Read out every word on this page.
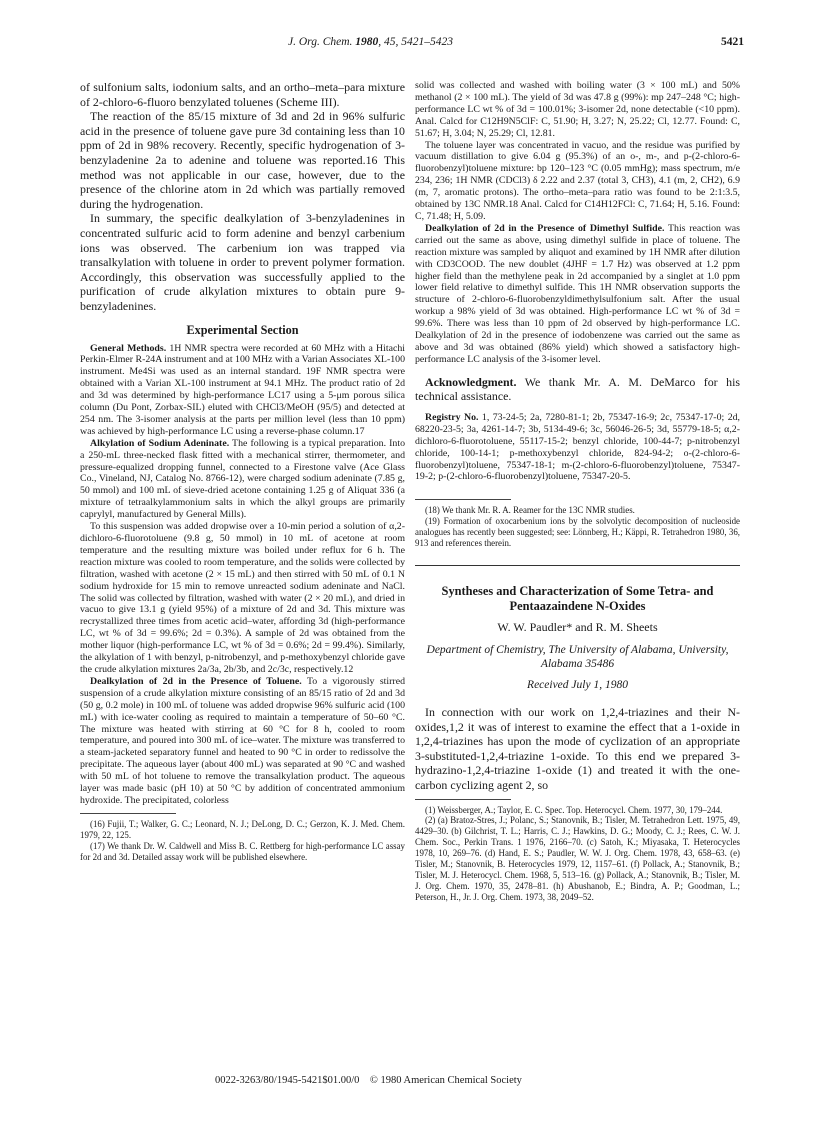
J. Org. Chem. 1980, 45, 5421–5423	5421

of sulfonium salts, iodonium salts, and an ortho–meta–para mixture of 2-chloro-6-fluoro benzylated toluenes (Scheme III).

The reaction of the 85/15 mixture of 3d and 2d in 96% sulfuric acid in the presence of toluene gave pure 3d containing less than 10 ppm of 2d in 98% recovery. Recently, specific hydrogenation of 3-benzyladenine 2a to adenine and toluene was reported.16 This method was not applicable in our case, however, due to the presence of the chlorine atom in 2d which was partially removed during the hydrogenation.

In summary, the specific dealkylation of 3-benzyladenines in concentrated sulfuric acid to form adenine and benzyl carbenium ions was observed. The carbenium ion was trapped via transalkylation with toluene in order to prevent polymer formation. Accordingly, this observation was successfully applied to the purification of crude alkylation mixtures to obtain pure 9-benzyladenines.

Experimental Section

General Methods. 1H NMR spectra were recorded at 60 MHz with a Hitachi Perkin-Elmer R-24A instrument and at 100 MHz with a Varian Associates XL-100 instrument. Me4Si was used as an internal standard. 19F NMR spectra were obtained with a Varian XL-100 instrument at 94.1 MHz. The product ratio of 2d and 3d was determined by high-performance LC17 using a 5-μm porous silica column (Du Pont, Zorbax-SIL) eluted with CHCl3/MeOH (95/5) and detected at 254 nm. The 3-isomer analysis at the parts per million level (less than 10 ppm) was achieved by high-performance LC using a reverse-phase column.17

Alkylation of Sodium Adeninate. The following is a typical preparation. Into a 250-mL three-necked flask fitted with a mechanical stirrer, thermometer, and pressure-equalized dropping funnel, connected to a Firestone valve (Ace Glass Co., Vineland, NJ, Catalog No. 8766-12), were charged sodium adeninate (7.85 g, 50 mmol) and 100 mL of sieve-dried acetone containing 1.25 g of Aliquat 336 (a mixture of tetraalkylammonium salts in which the alkyl groups are primarily caprylyl, manufactured by General Mills).

To this suspension was added dropwise over a 10-min period a solution of α,2-dichloro-6-fluorotoluene (9.8 g, 50 mmol) in 10 mL of acetone at room temperature and the resulting mixture was boiled under reflux for 6 h. The reaction mixture was cooled to room temperature, and the solids were collected by filtration, washed with acetone (2 × 15 mL) and then stirred with 50 mL of 0.1 N sodium hydroxide for 15 min to remove unreacted sodium adeninate and NaCl. The solid was collected by filtration, washed with water (2 × 20 mL), and dried in vacuo to give 13.1 g (yield 95%) of a mixture of 2d and 3d. This mixture was recrystallized three times from acetic acid–water, affording 3d (high-performance LC, wt % of 3d = 99.6%; 2d = 0.3%). A sample of 2d was obtained from the mother liquor (high-performance LC, wt % of 3d = 0.6%; 2d = 99.4%). Similarly, the alkylation of 1 with benzyl, p-nitrobenzyl, and p-methoxybenzyl chloride gave the crude alkylation mixtures 2a/3a, 2b/3b, and 2c/3c, respectively.12

Dealkylation of 2d in the Presence of Toluene. To a vigorously stirred suspension of a crude alkylation mixture consisting of an 85/15 ratio of 2d and 3d (50 g, 0.2 mole) in 100 mL of toluene was added dropwise 96% sulfuric acid (100 mL) with ice-water cooling as required to maintain a temperature of 50–60 °C. The mixture was heated with stirring at 60 °C for 8 h, cooled to room temperature, and poured into 300 mL of ice–water. The mixture was transferred to a steam-jacketed separatory funnel and heated to 90 °C in order to redissolve the precipitate. The aqueous layer (about 400 mL) was separated at 90 °C and washed with 50 mL of hot toluene to remove the transalkylation product. The aqueous layer was made basic (pH 10) at 50 °C by addition of concentrated ammonium hydroxide. The precipitated, colorless

(16) Fujii, T.; Walker, G. C.; Leonard, N. J.; DeLong, D. C.; Gerzon, K. J. Med. Chem. 1979, 22, 125.

(17) We thank Dr. W. Caldwell and Miss B. C. Rettberg for high-performance LC assay for 2d and 3d. Detailed assay work will be published elsewhere.

solid was collected and washed with boiling water (3 × 100 mL) and 50% methanol (2 × 100 mL). The yield of 3d was 47.8 g (99%): mp 247–248 °C; high-performance LC wt % of 3d = 100.01%; 3-isomer 2d, none detectable (<10 ppm). Anal. Calcd for C12H9N5ClF: C, 51.90; H, 3.27; N, 25.22; Cl, 12.77. Found: C, 51.67; H, 3.04; N, 25.29; Cl, 12.81.

The toluene layer was concentrated in vacuo, and the residue was purified by vacuum distillation to give 6.04 g (95.3%) of an o-, m-, and p-(2-chloro-6-fluorobenzyl)toluene mixture: bp 120–123 °C (0.05 mmHg); mass spectrum, m/e 234, 236; 1H NMR (CDCl3) δ 2.22 and 2.37 (total 3, CH3), 4.1 (m, 2, CH2), 6.9 (m, 7, aromatic protons). The ortho–meta–para ratio was found to be 2:1:3.5, obtained by 13C NMR.18 Anal. Calcd for C14H12FCl: C, 71.64; H, 5.16. Found: C, 71.48; H, 5.09.

Dealkylation of 2d in the Presence of Dimethyl Sulfide. This reaction was carried out the same as above, using dimethyl sulfide in place of toluene. The reaction mixture was sampled by aliquot and examined by 1H NMR after dilution with CD3COOD. The new doublet (4JHF = 1.7 Hz) was observed at 1.2 ppm higher field than the methylene peak in 2d accompanied by a singlet at 1.0 ppm lower field relative to dimethyl sulfide. This 1H NMR observation supports the structure of 2-chloro-6-fluorobenzyldimethylsulfonium salt. After the usual workup a 98% yield of 3d was obtained. High-performance LC wt % of 3d = 99.6%. There was less than 10 ppm of 2d observed by high-performance LC. Dealkylation of 2d in the presence of iodobenzene was carried out the same as above and 3d was obtained (86% yield) which showed a satisfactory high-performance LC analysis of the 3-isomer level.

Acknowledgment. We thank Mr. A. M. DeMarco for his technical assistance.

Registry No. 1, 73-24-5; 2a, 7280-81-1; 2b, 75347-16-9; 2c, 75347-17-0; 2d, 68220-23-5; 3a, 4261-14-7; 3b, 5134-49-6; 3c, 56046-26-5; 3d, 55779-18-5; α,2-dichloro-6-fluorotoluene, 55117-15-2; benzyl chloride, 100-44-7; p-nitrobenzyl chloride, 100-14-1; p-methoxybenzyl chloride, 824-94-2; o-(2-chloro-6-fluorobenzyl)toluene, 75347-18-1; m-(2-chloro-6-fluorobenzyl)toluene, 75347-19-2; p-(2-chloro-6-fluorobenzyl)toluene, 75347-20-5.

(18) We thank Mr. R. A. Reamer for the 13C NMR studies.

(19) Formation of oxocarbenium ions by the solvolytic decomposition of nucleoside analogues has recently been suggested; see: Lönnberg, H.; Käppi, R. Tetrahedron 1980, 36, 913 and references therein.

Syntheses and Characterization of Some Tetra- and Pentaazaindene N-Oxides

W. W. Paudler* and R. M. Sheets

Department of Chemistry, The University of Alabama, University, Alabama 35486

Received July 1, 1980

In connection with our work on 1,2,4-triazines and their N-oxides,1,2 it was of interest to examine the effect that a 1-oxide in 1,2,4-triazines has upon the mode of cyclization of an appropriate 3-substituted-1,2,4-triazine 1-oxide. To this end we prepared 3-hydrazino-1,2,4-triazine 1-oxide (1) and treated it with the one-carbon cyclizing agent 2, so

(1) Weissberger, A.; Taylor, E. C. Spec. Top. Heterocycl. Chem. 1977, 30, 179–244.

(2) (a) Bratoz-Stres, J.; Polanc, S.; Stanovnik, B.; Tisler, M. Tetrahedron Lett. 1975, 49, 4429–30. (b) Gilchrist, T. L.; Harris, C. J.; Hawkins, D. G.; Moody, C. J.; Rees, C. W. J. Chem. Soc., Perkin Trans. 1 1976, 2166–70. (c) Satoh, K.; Miyasaka, T. Heterocycles 1978, 10, 269–76. (d) Hand, E. S.; Paudler, W. W. J. Org. Chem. 1978, 43, 658–63. (e) Tisler, M.; Stanovnik, B. Heterocycles 1979, 12, 1157–61. (f) Pollack, A.; Stanovnik, B.; Tisler, M. J. Heterocycl. Chem. 1968, 5, 513–16. (g) Pollack, A.; Stanovnik, B.; Tisler, M. J. Org. Chem. 1970, 35, 2478–81. (h) Abushanob, E.; Bindra, A. P.; Goodman, L.; Peterson, H., Jr. J. Org. Chem. 1973, 38, 2049–52.

0022-3263/80/1945-5421$01.00/0 © 1980 American Chemical Society
